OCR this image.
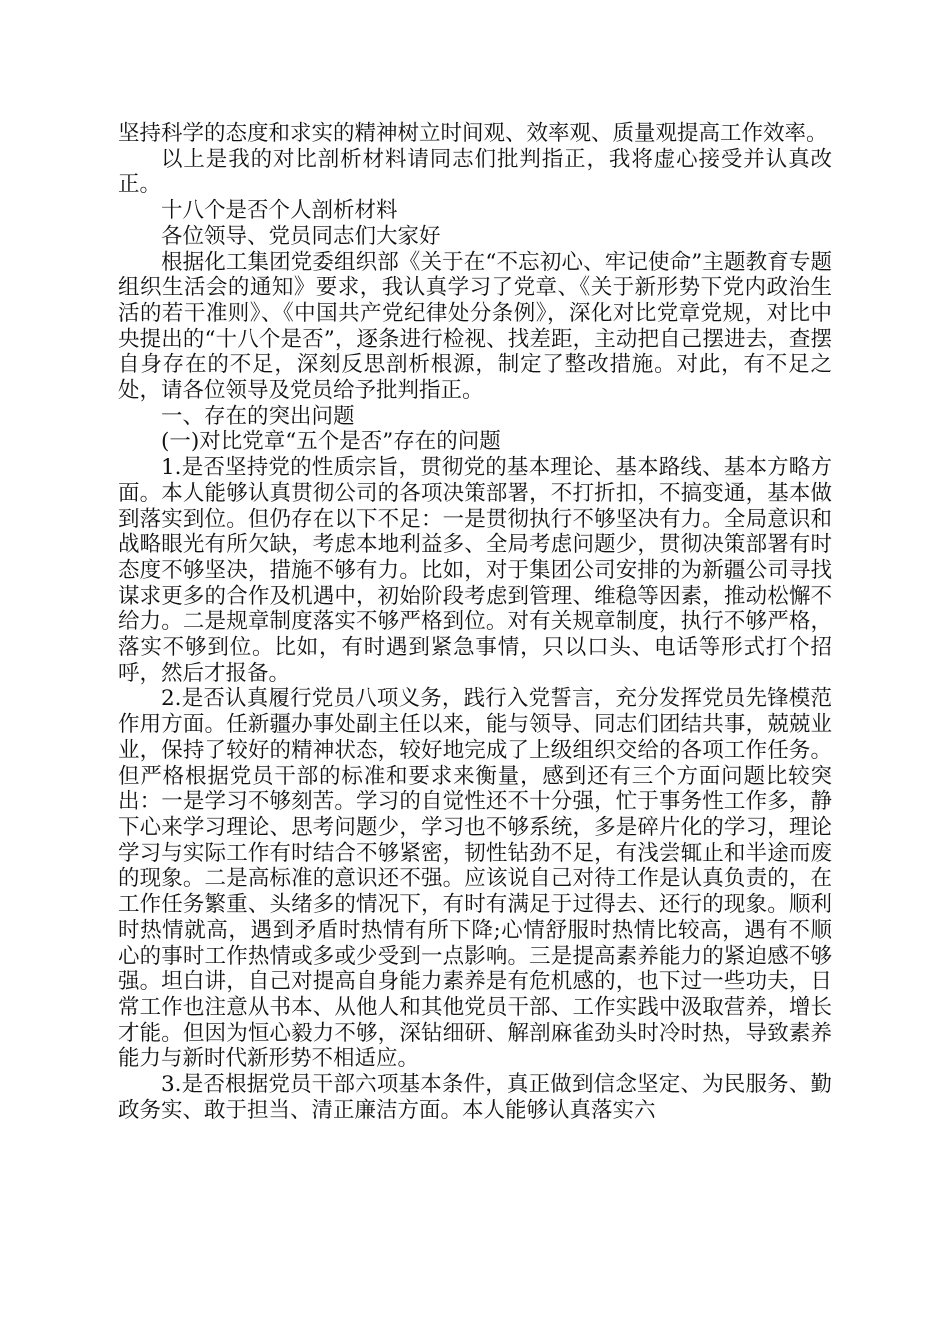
坚持科学的态度和求实的精神树立时间观、效率观、质量观提高工作效率。

以上是我的对比剖析材料请同志们批判指正，我将虚心接受并认真改正。

十八个是否个人剖析材料

各位领导、党员同志们大家好

根据化工集团党委组织部《关于在“不忘初心、牢记使命”主题教育专题组织生活会的通知》要求，我认真学习了党章、《关于新形势下党内政治生活的若干准则》、《中国共产党纪律处分条例》，深化对比党章党规，对比中央提出的“十八个是否”，逐条进行检视、找差距，主动把自己摆进去，查摆自身存在的不足，深刻反思剖析根源，制定了整改措施。对此，有不足之处，请各位领导及党员给予批判指正。

一、存在的突出问题

(一)对比党章“五个是否”存在的问题

1.是否坚持党的性质宗旨，贯彻党的基本理论、基本路线、基本方略方面。本人能够认真贯彻公司的各项决策部署，不打折扣，不搞变通，基本做到落实到位。但仍存在以下不足：一是贯彻执行不够坚决有力。全局意识和战略眼光有所欠缺，考虑本地利益多、全局考虑问题少，贯彻决策部署有时态度不够坚决，措施不够有力。比如，对于集团公司安排的为新疆公司寻找谋求更多的合作及机遇中，初始阶段考虑到管理、维稳等因素，推动松懈不给力。二是规章制度落实不够严格到位。对有关规章制度，执行不够严格，落实不够到位。比如，有时遇到紧急事情，只以口头、电话等形式打个招呼，然后才报备。

2.是否认真履行党员八项义务，践行入党誓言，充分发挥党员先锋模范作用方面。任新疆办事处副主任以来，能与领导、同志们团结共事，兢兢业业，保持了较好的精神状态，较好地完成了上级组织交给的各项工作任务。但严格根据党员干部的标准和要求来衡量，感到还有三个方面问题比较突出：一是学习不够刻苦。学习的自觉性还不十分强，忙于事务性工作多，静下心来学习理论、思考问题少，学习也不够系统，多是碎片化的学习，理论学习与实际工作有时结合不够紧密，韧性钻劲不足，有浅尝辄止和半途而废的现象。二是高标准的意识还不强。应该说自己对待工作是认真负责的，在工作任务繁重、头绪多的情况下，有时有满足于过得去、还行的现象。顺利时热情就高，遇到矛盾时热情有所下降;心情舒服时热情比较高，遇有不顺心的事时工作热情或多或少受到一点影响。三是提高素养能力的紧迫感不够强。坦白讲，自己对提高自身能力素养是有危机感的，也下过一些功夫，日常工作也注意从书本、从他人和其他党员干部、工作实践中汲取营养，增长才能。但因为恒心毅力不够，深钻细研、解剖麻雀劲头时冷时热，导致素养能力与新时代新形势不相适应。

3.是否根据党员干部六项基本条件，真正做到信念坚定、为民服务、勤政务实、敢于担当、清正廉洁方面。本人能够认真落实六
